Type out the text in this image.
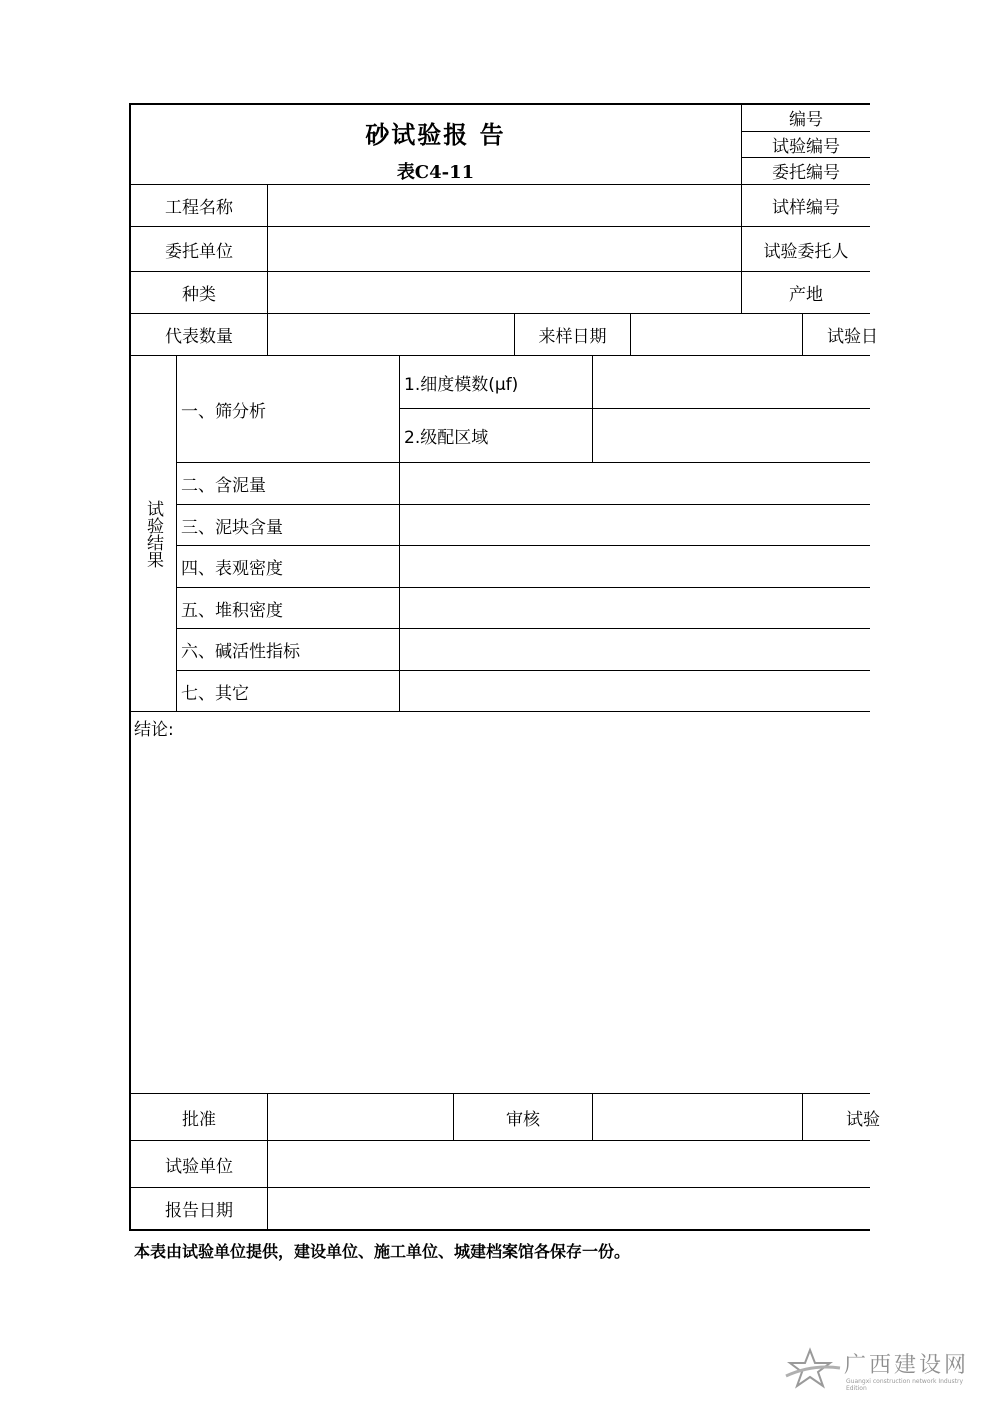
砂试验报 告
表C4-11
编号
试验编号
委托编号
工程名称	试样编号
委托单位	试验委托人
种类	产地
代表数量	来样日期	试验日
试验结果
一、筛分析
1.细度模数(μf)
2.级配区域
二、含泥量
三、泥块含量
四、表观密度
五、堆积密度
六、碱活性指标
七、其它
结论:
批准	审核	试验
试验单位
报告日期
本表由试验单位提供，建设单位、施工单位、城建档案馆各保存一份。
广西建设网
Guangxi construction network Industry Edition
